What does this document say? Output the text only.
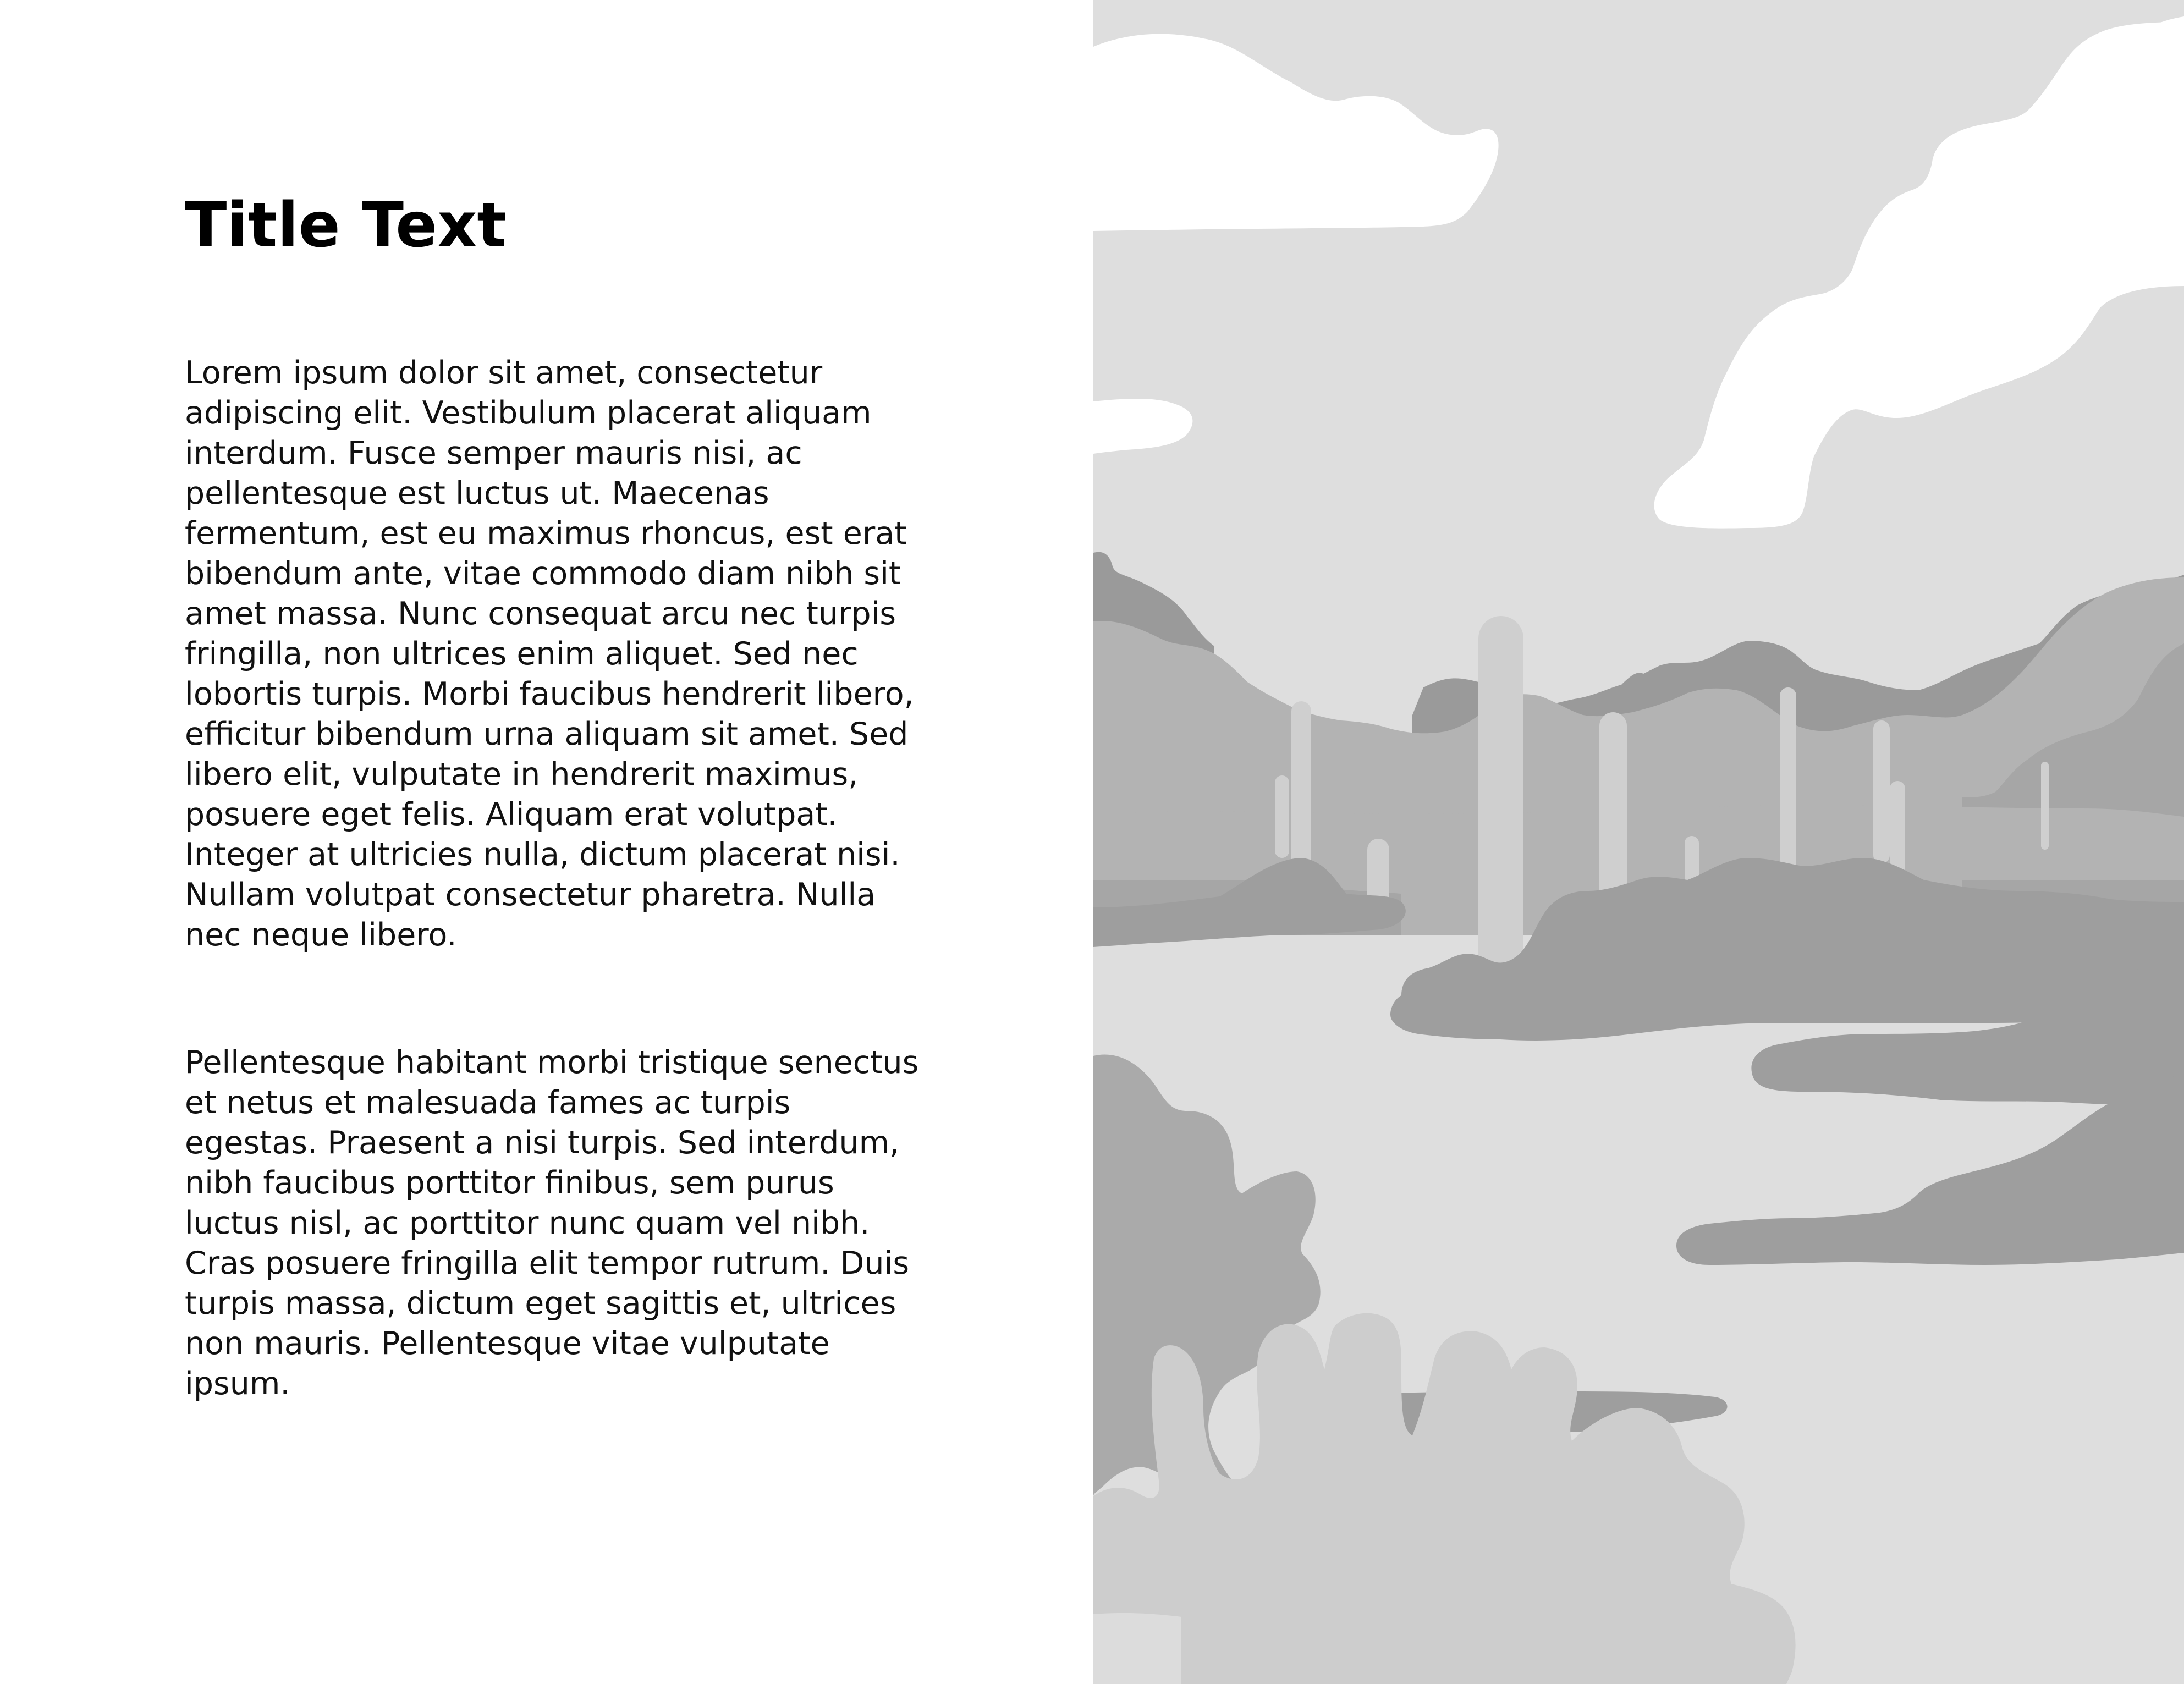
Title Text

Lorem ipsum dolor sit amet, consectetur adipiscing elit. Vestibulum placerat aliquam interdum. Fusce semper mauris nisi, ac pellentesque est luctus ut. Maecenas fermentum, est eu maximus rhoncus, est erat bibendum ante, vitae commodo diam nibh sit amet massa. Nunc consequat arcu nec turpis fringilla, non ultrices enim aliquet. Sed nec lobortis turpis. Morbi faucibus hendrerit libero, efficitur bibendum urna aliquam sit amet. Sed libero elit, vulputate in hendrerit maximus, posuere eget felis. Aliquam erat volutpat. Integer at ultricies nulla, dictum placerat nisi. Nullam volutpat consectetur pharetra. Nulla nec neque libero.

Pellentesque habitant morbi tristique senectus et netus et malesuada fames ac turpis egestas. Praesent a nisi turpis. Sed interdum, nibh faucibus porttitor finibus, sem purus luctus nisl, ac porttitor nunc quam vel nibh. Cras posuere fringilla elit tempor rutrum. Duis turpis massa, dictum eget sagittis et, ultrices non mauris. Pellentesque vitae vulputate ipsum.
